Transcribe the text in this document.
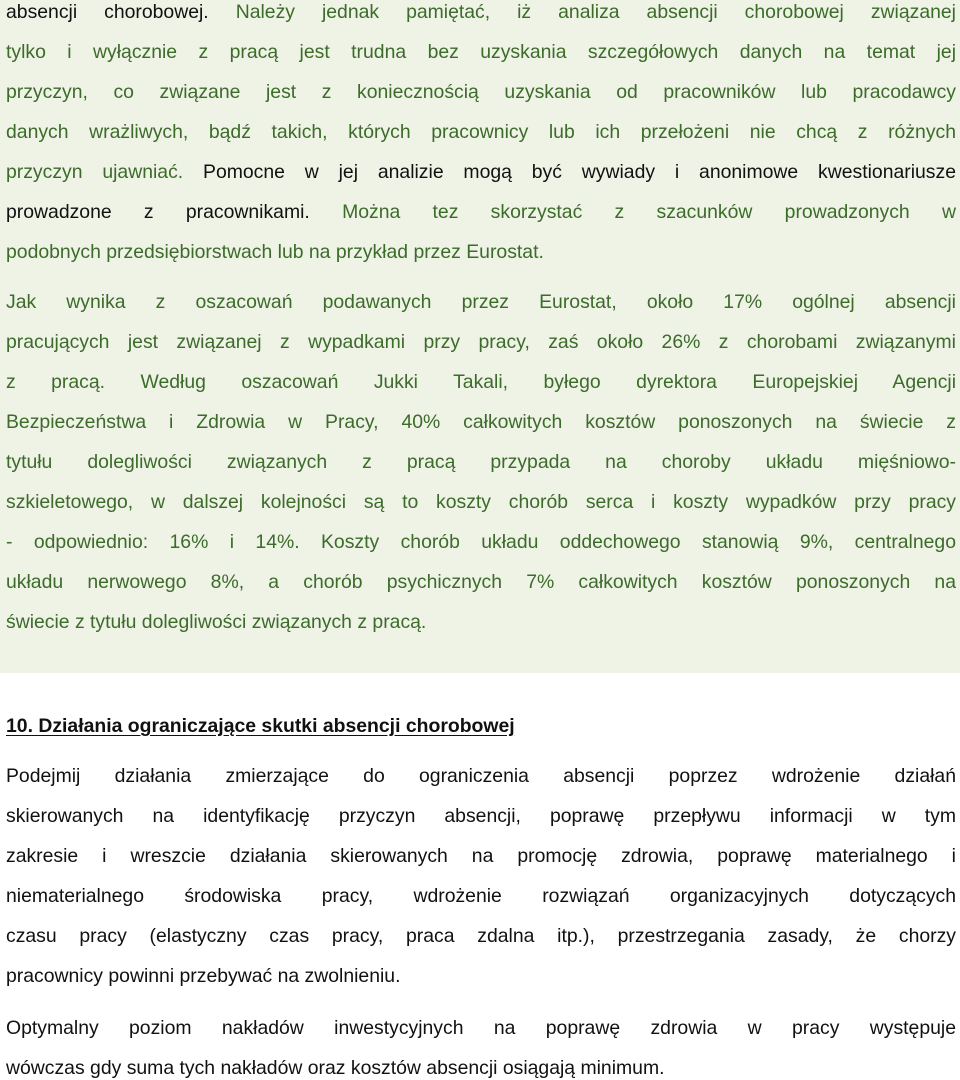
absencji chorobowej. Należy jednak pamiętać, iż analiza absencji chorobowej związanej
tylko i wyłącznie z pracą jest trudna bez uzyskania szczegółowych danych na temat jej
przyczyn, co związane jest z koniecznością uzyskania od pracowników lub pracodawcy
danych wrażliwych, bądź takich, których pracownicy lub ich przełożeni nie chcą z różnych
przyczyn ujawniać. Pomocne w jej analizie mogą być wywiady i anonimowe kwestionariusze
prowadzone z pracownikami. Można tez skorzystać z szacunków prowadzonych w
podobnych przedsiębiorstwach lub na przykład przez Eurostat.
Jak wynika z oszacowań podawanych przez Eurostat, około 17% ogólnej absencji
pracujących jest związanej z wypadkami przy pracy, zaś około 26% z chorobami związanymi
z pracą. Według oszacowań Jukki Takali, byłego dyrektora Europejskiej Agencji
Bezpieczeństwa i Zdrowia w Pracy, 40% całkowitych kosztów ponoszonych na świecie z
tytułu dolegliwości związanych z pracą przypada na choroby układu mięśniowo-
szkieletowego, w dalszej kolejności są to koszty chorób serca i koszty wypadków przy pracy
- odpowiednio: 16% i 14%. Koszty chorób układu oddechowego stanowią 9%, centralnego
układu nerwowego 8%, a chorób psychicznych 7% całkowitych kosztów ponoszonych na
świecie z tytułu dolegliwości związanych z pracą.
10. Działania ograniczające skutki absencji chorobowej
Podejmij działania zmierzające do ograniczenia absencji poprzez wdrożenie działań
skierowanych na identyfikację przyczyn absencji, poprawę przepływu informacji w tym
zakresie i wreszcie działania skierowanych na promocję zdrowia, poprawę materialnego i
niematerialnego środowiska pracy, wdrożenie rozwiązań organizacyjnych dotyczących
czasu pracy (elastyczny czas pracy, praca zdalna itp.), przestrzegania zasady, że chorzy
pracownicy powinni przebywać na zwolnieniu.
Optymalny poziom nakładów inwestycyjnych na poprawę zdrowia w pracy występuje
wówczas gdy suma tych nakładów oraz kosztów absencji osiągają minimum.
